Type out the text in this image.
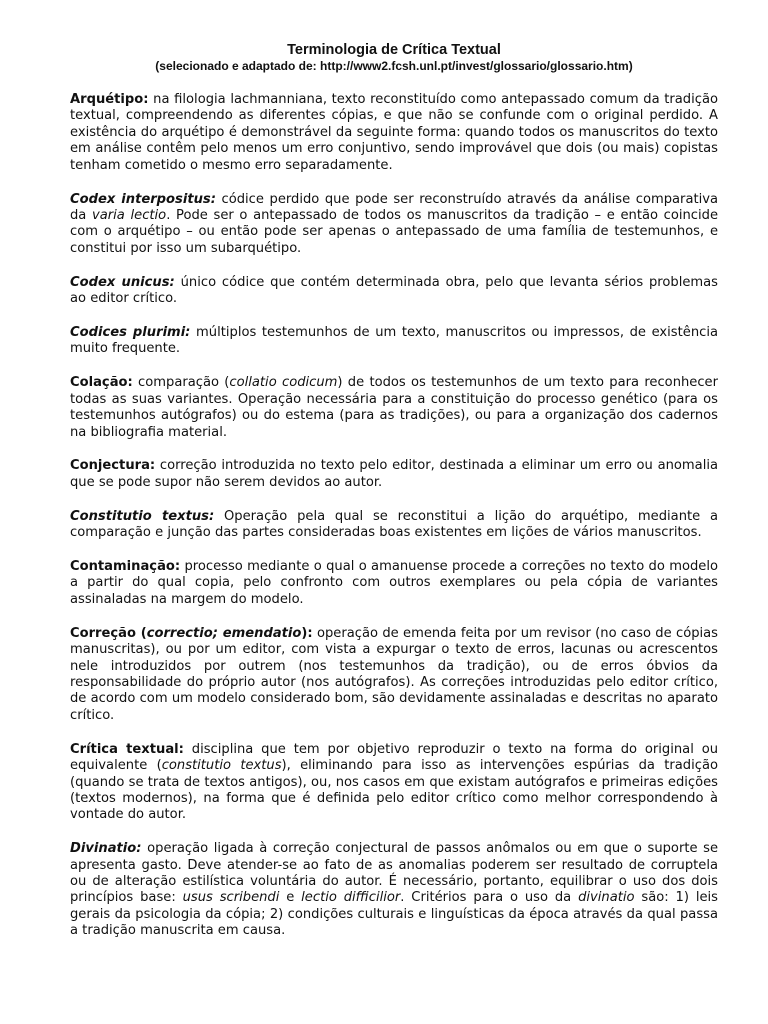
Terminologia de Crítica Textual
(selecionado e adaptado de: http://www2.fcsh.unl.pt/invest/glossario/glossario.htm)

Arquétipo: na filologia lachmanniana, texto reconstituído como antepassado comum da tradição textual, compreendendo as diferentes cópias, e que não se confunde com o original perdido. A existência do arquétipo é demonstrável da seguinte forma: quando todos os manuscritos do texto em análise contêm pelo menos um erro conjuntivo, sendo improvável que dois (ou mais) copistas tenham cometido o mesmo erro separadamente.

Codex interpositus: códice perdido que pode ser reconstruído através da análise comparativa da varia lectio. Pode ser o antepassado de todos os manuscritos da tradição – e então coincide com o arquétipo – ou então pode ser apenas o antepassado de uma família de testemunhos, e constitui por isso um subarquétipo.

Codex unicus: único códice que contém determinada obra, pelo que levanta sérios problemas ao editor crítico.

Codices plurimi: múltiplos testemunhos de um texto, manuscritos ou impressos, de existência muito frequente.

Colação: comparação (collatio codicum) de todos os testemunhos de um texto para reconhecer todas as suas variantes. Operação necessária para a constituição do processo genético (para os testemunhos autógrafos) ou do estema (para as tradições), ou para a organização dos cadernos na bibliografia material.

Conjectura: correção introduzida no texto pelo editor, destinada a eliminar um erro ou anomalia que se pode supor não serem devidos ao autor.

Constitutio textus: Operação pela qual se reconstitui a lição do arquétipo, mediante a comparação e junção das partes consideradas boas existentes em lições de vários manuscritos.

Contaminação: processo mediante o qual o amanuense procede a correções no texto do modelo a partir do qual copia, pelo confronto com outros exemplares ou pela cópia de variantes assinaladas na margem do modelo.

Correção (correctio; emendatio): operação de emenda feita por um revisor (no caso de cópias manuscritas), ou por um editor, com vista a expurgar o texto de erros, lacunas ou acrescentos nele introduzidos por outrem (nos testemunhos da tradição), ou de erros óbvios da responsabilidade do próprio autor (nos autógrafos). As correções introduzidas pelo editor crítico, de acordo com um modelo considerado bom, são devidamente assinaladas e descritas no aparato crítico.

Crítica textual: disciplina que tem por objetivo reproduzir o texto na forma do original ou equivalente (constitutio textus), eliminando para isso as intervenções espúrias da tradição (quando se trata de textos antigos), ou, nos casos em que existam autógrafos e primeiras edições (textos modernos), na forma que é definida pelo editor crítico como melhor correspondendo à vontade do autor.

Divinatio: operação ligada à correção conjectural de passos anômalos ou em que o suporte se apresenta gasto. Deve atender-se ao fato de as anomalias poderem ser resultado de corruptela ou de alteração estilística voluntária do autor. É necessário, portanto, equilibrar o uso dos dois princípios base: usus scribendi e lectio difficilior. Critérios para o uso da divinatio são: 1) leis gerais da psicologia da cópia; 2) condições culturais e linguísticas da época através da qual passa a tradição manuscrita em causa.
